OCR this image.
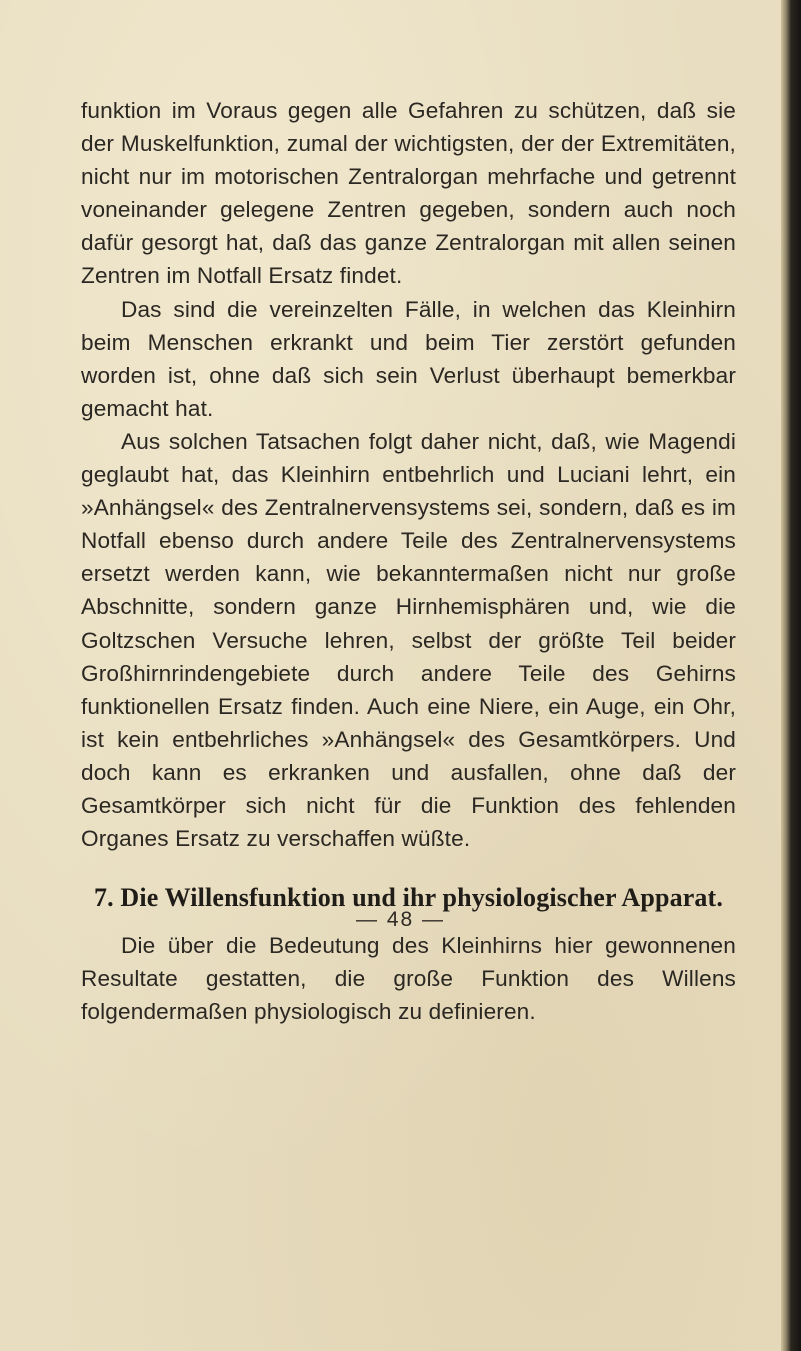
funktion im Voraus gegen alle Gefahren zu schützen, daß sie der Muskelfunktion, zumal der wichtigsten, der der Extremitäten, nicht nur im motorischen Zentralorgan mehrfache und getrennt voneinander gelegene Zentren gegeben, sondern auch noch dafür gesorgt hat, daß das ganze Zentralorgan mit allen seinen Zentren im Notfall Ersatz findet.

Das sind die vereinzelten Fälle, in welchen das Kleinhirn beim Menschen erkrankt und beim Tier zerstört gefunden worden ist, ohne daß sich sein Verlust überhaupt bemerkbar gemacht hat.

Aus solchen Tatsachen folgt daher nicht, daß, wie Magendi geglaubt hat, das Kleinhirn entbehrlich und Luciani lehrt, ein »Anhängsel« des Zentralnervensystems sei, sondern, daß es im Notfall ebenso durch andere Teile des Zentralnervensystems ersetzt werden kann, wie bekanntermaßen nicht nur große Abschnitte, sondern ganze Hirnhemisphären und, wie die Goltzschen Versuche lehren, selbst der größte Teil beider Großhirnrindengebiete durch andere Teile des Gehirns funktionellen Ersatz finden. Auch eine Niere, ein Auge, ein Ohr, ist kein entbehrliches »Anhängsel« des Gesamtkörpers. Und doch kann es erkranken und ausfallen, ohne daß der Gesamtkörper sich nicht für die Funktion des fehlenden Organes Ersatz zu verschaffen wüßte.

7. Die Willensfunktion und ihr physiologischer Apparat.

Die über die Bedeutung des Kleinhirns hier gewonnenen Resultate gestatten, die große Funktion des Willens folgendermaßen physiologisch zu definieren.

— 48 —
